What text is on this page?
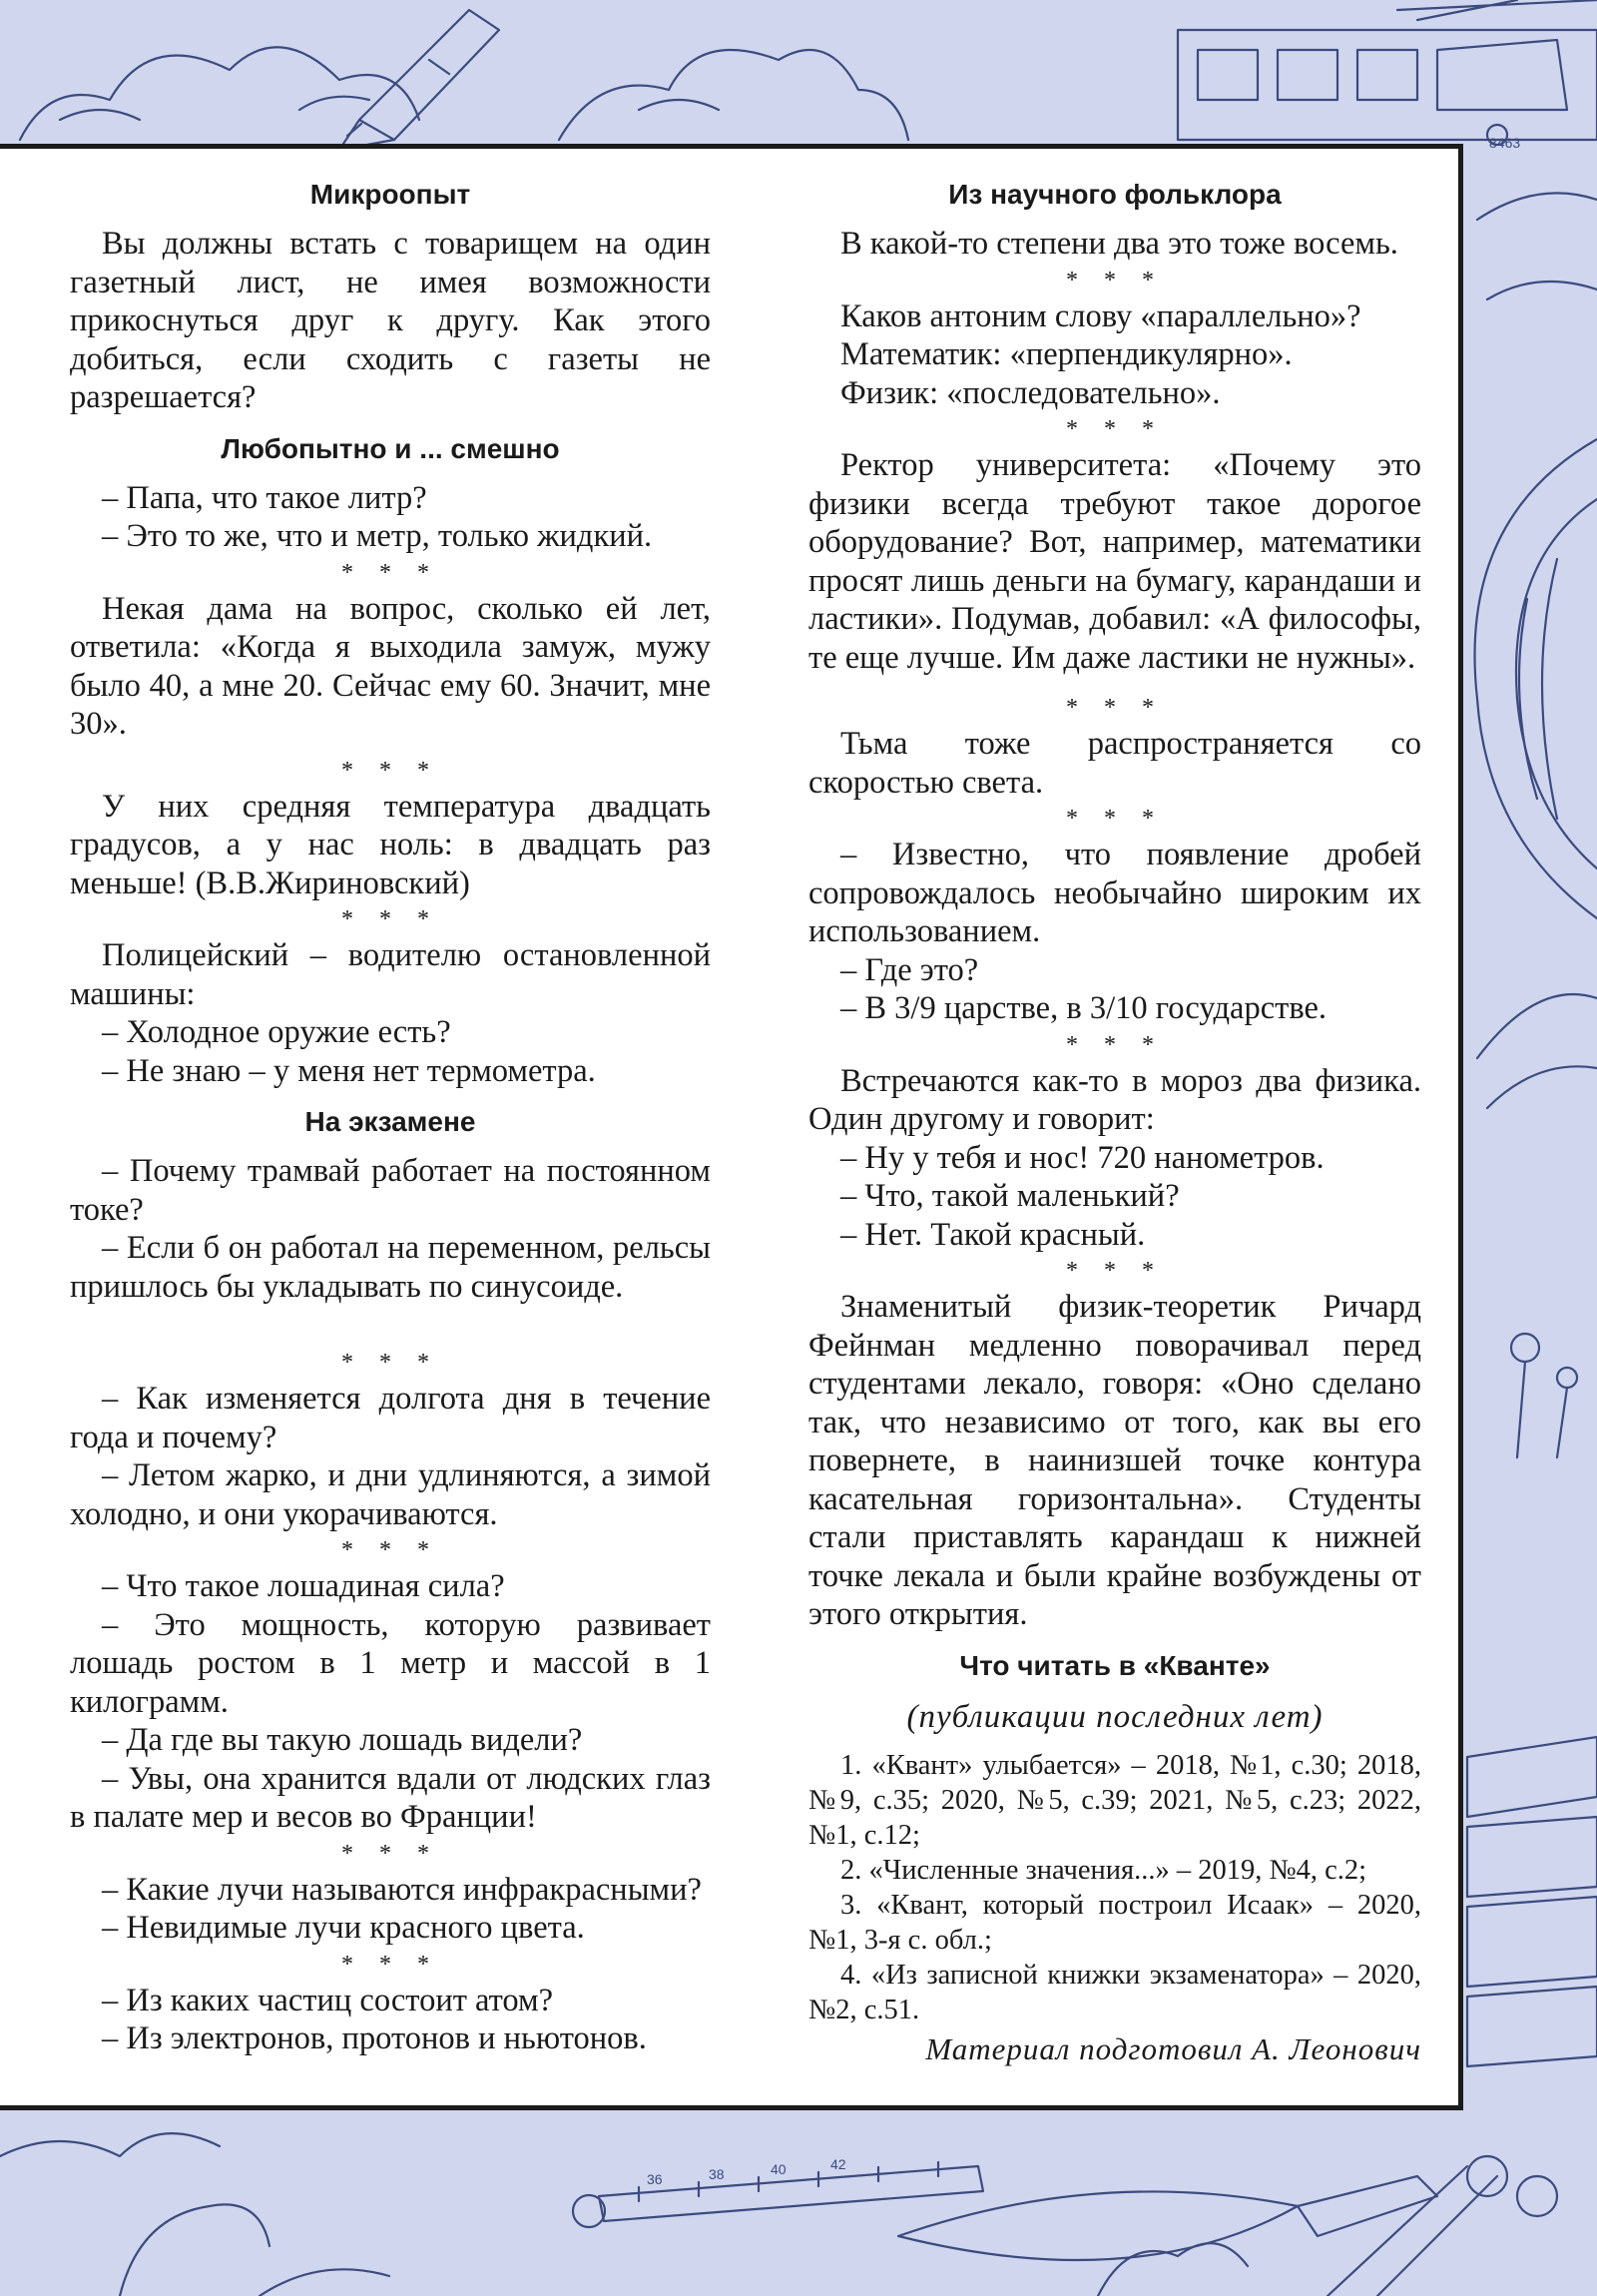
8463
36	38	40	42
Микроопыт

Вы должны встать с товарищем на один газетный лист, не имея возможности прикоснуться друг к другу. Как этого добиться, если сходить с газеты не разрешается?

Любопытно и ... смешно

– Папа, что такое литр?

– Это то же, что и метр, только жидкий.

* * *

Некая дама на вопрос, сколько ей лет, ответила: «Когда я выходила замуж, мужу было 40, а мне 20. Сейчас ему 60. Значит, мне 30».

* * *

У них средняя температура двадцать градусов, а у нас ноль: в двадцать раз меньше! (В.В.Жириновский)

* * *

Полицейский – водителю остановленной машины:

– Холодное оружие есть?

– Не знаю – у меня нет термометра.

На экзамене

– Почему трамвай работает на постоянном токе?

– Если б он работал на переменном, рельсы пришлось бы укладывать по синусоиде.

* * *

– Как изменяется долгота дня в течение года и почему?

– Летом жарко, и дни удлиняются, а зимой холодно, и они укорачиваются.

* * *

– Что такое лошадиная сила?

– Это мощность, которую развивает лошадь ростом в 1 метр и массой в 1 килограмм.

– Да где вы такую лошадь видели?

– Увы, она хранится вдали от людских глаз в палате мер и весов во Франции!

* * *

– Какие лучи называются инфракрасными?

– Невидимые лучи красного цвета.

* * *

– Из каких частиц состоит атом?

– Из электронов, протонов и ньютонов.

Из научного фольклора

В какой-то степени два это тоже восемь.

* * *

Каков антоним слову «параллельно»?

Математик: «перпендикулярно».

Физик: «последовательно».

* * *

Ректор университета: «Почему это физики всегда требуют такое дорогое оборудование? Вот, например, математики просят лишь деньги на бумагу, карандаши и ластики». Подумав, добавил: «А философы, те еще лучше. Им даже ластики не нужны».

* * *

Тьма тоже распространяется со скоростью света.

* * *

– Известно, что появление дробей сопровождалось необычайно широким их использованием.

– Где это?

– В 3/9 царстве, в 3/10 государстве.

* * *

Встречаются как-то в мороз два физика. Один другому и говорит:

– Ну у тебя и нос! 720 нанометров.

– Что, такой маленький?

– Нет. Такой красный.

* * *

Знаменитый физик-теоретик Ричард Фейнман медленно поворачивал перед студентами лекало, говоря: «Оно сделано так, что независимо от того, как вы его повернете, в наинизшей точке контура касательная горизонтальна». Студенты стали приставлять карандаш к нижней точке лекала и были крайне возбуждены от этого открытия.

Что читать в «Кванте»
(публикации последних лет)

1. «Квант» улыбается» – 2018, №1, с.30; 2018, №9, с.35; 2020, №5, с.39; 2021, №5, с.23; 2022, №1, с.12;

2. «Численные значения...» – 2019, №4, с.2;

3. «Квант, который построил Исаак» – 2020, №1, 3-я с. обл.;

4. «Из записной книжки экзаменатора» – 2020, №2, с.51.

Материал подготовил А. Леонович
